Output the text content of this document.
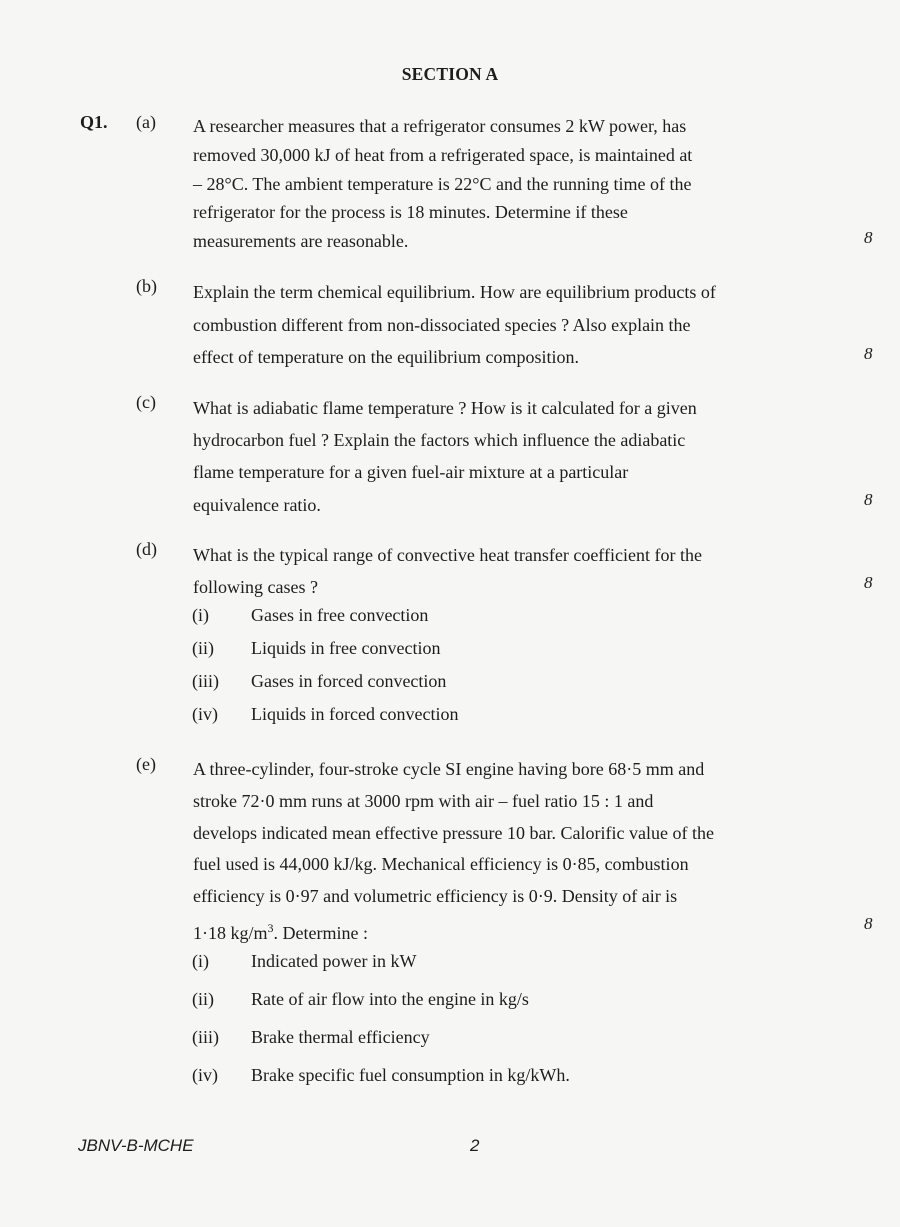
SECTION A
Q1. (a) A researcher measures that a refrigerator consumes 2 kW power, has
removed 30,000 kJ of heat from a refrigerated space, is maintained at
– 28°C. The ambient temperature is 22°C and the running time of the
refrigerator for the process is 18 minutes. Determine if these
measurements are reasonable.	8
(b) Explain the term chemical equilibrium. How are equilibrium products of
combustion different from non-dissociated species ? Also explain the
effect of temperature on the equilibrium composition.	8
(c) What is adiabatic flame temperature ? How is it calculated for a given
hydrocarbon fuel ? Explain the factors which influence the adiabatic
flame temperature for a given fuel-air mixture at a particular
equivalence ratio.	8
(d) What is the typical range of convective heat transfer coefficient for the
following cases ?	8
(i) Gases in free convection
(ii) Liquids in free convection
(iii) Gases in forced convection
(iv) Liquids in forced convection
(e) A three-cylinder, four-stroke cycle SI engine having bore 68·5 mm and
stroke 72·0 mm runs at 3000 rpm with air – fuel ratio 15 : 1 and
develops indicated mean effective pressure 10 bar. Calorific value of the
fuel used is 44,000 kJ/kg. Mechanical efficiency is 0·85, combustion
efficiency is 0·97 and volumetric efficiency is 0·9. Density of air is
1·18 $kg/m^3$. Determine :	8
(i) Indicated power in kW
(ii) Rate of air flow into the engine in kg/s
(iii) Brake thermal efficiency
(iv) Brake specific fuel consumption in kg/kWh.
JBNV-B-MCHE	2
